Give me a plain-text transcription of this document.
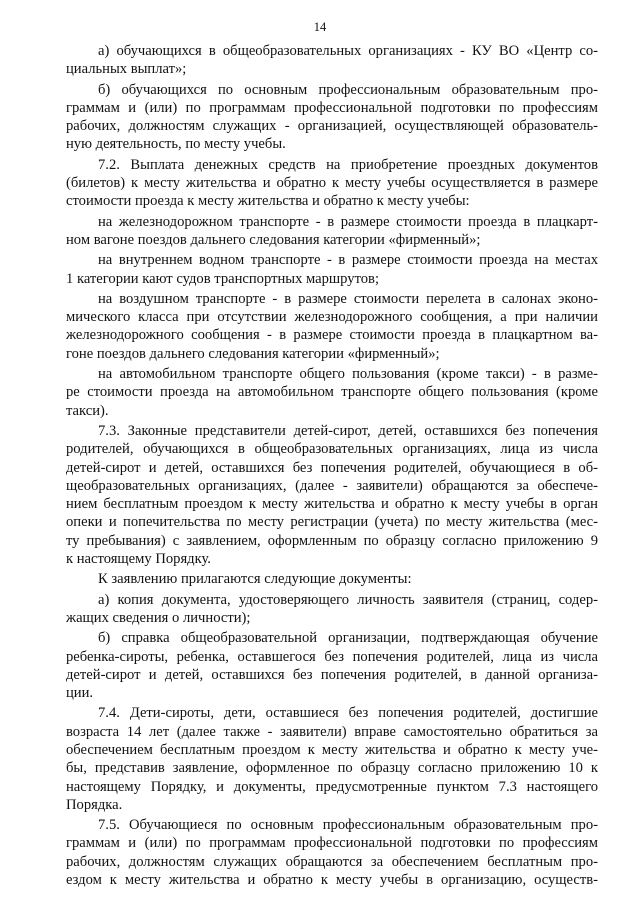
14
а) обучающихся в общеобразовательных организациях - КУ ВО «Центр со-
циальных выплат»;
б) обучающихся по основным профессиональным образовательным про-
граммам и (или) по программам профессиональной подготовки по профессиям
рабочих, должностям служащих - организацией, осуществляющей образователь-
ную деятельность, по месту учебы.
7.2. Выплата денежных средств на приобретение проездных документов
(билетов) к месту жительства и обратно к месту учебы осуществляется в размере
стоимости проезда к месту жительства и обратно к месту учебы:
на железнодорожном транспорте - в размере стоимости проезда в плацкарт-
ном вагоне поездов дальнего следования категории «фирменный»;
на внутреннем водном транспорте - в размере стоимости проезда на местах
1 категории кают судов транспортных маршрутов;
на воздушном транспорте - в размере стоимости перелета в салонах эконо-
мического класса при отсутствии железнодорожного сообщения, а при наличии
железнодорожного сообщения - в размере стоимости проезда в плацкартном ва-
гоне поездов дальнего следования категории «фирменный»;
на автомобильном транспорте общего пользования (кроме такси) - в разме-
ре стоимости проезда на автомобильном транспорте общего пользования (кроме
такси).
7.3. Законные представители детей-сирот, детей, оставшихся без попечения
родителей, обучающихся в общеобразовательных организациях, лица из числа
детей-сирот и детей, оставшихся без попечения родителей, обучающиеся в об-
щеобразовательных организациях, (далее - заявители) обращаются за обеспече-
нием бесплатным проездом к месту жительства и обратно к месту учебы в орган
опеки и попечительства по месту регистрации (учета) по месту жительства (мес-
ту пребывания) с заявлением, оформленным по образцу согласно приложению 9
к настоящему Порядку.
К заявлению прилагаются следующие документы:
а) копия документа, удостоверяющего личность заявителя (страниц, содер-
жащих сведения о личности);
б) справка общеобразовательной организации, подтверждающая обучение
ребенка-сироты, ребенка, оставшегося без попечения родителей, лица из числа
детей-сирот и детей, оставшихся без попечения родителей, в данной организа-
ции.
7.4. Дети-сироты, дети, оставшиеся без попечения родителей, достигшие
возраста 14 лет (далее также - заявители) вправе самостоятельно обратиться за
обеспечением бесплатным проездом к месту жительства и обратно к месту уче-
бы, представив заявление, оформленное по образцу согласно приложению 10 к
настоящему Порядку, и документы, предусмотренные пунктом 7.3 настоящего
Порядка.
7.5. Обучающиеся по основным профессиональным образовательным про-
граммам и (или) по программам профессиональной подготовки по профессиям
рабочих, должностям служащих обращаются за обеспечением бесплатным про-
ездом к месту жительства и обратно к месту учебы в организацию, осуществ-
